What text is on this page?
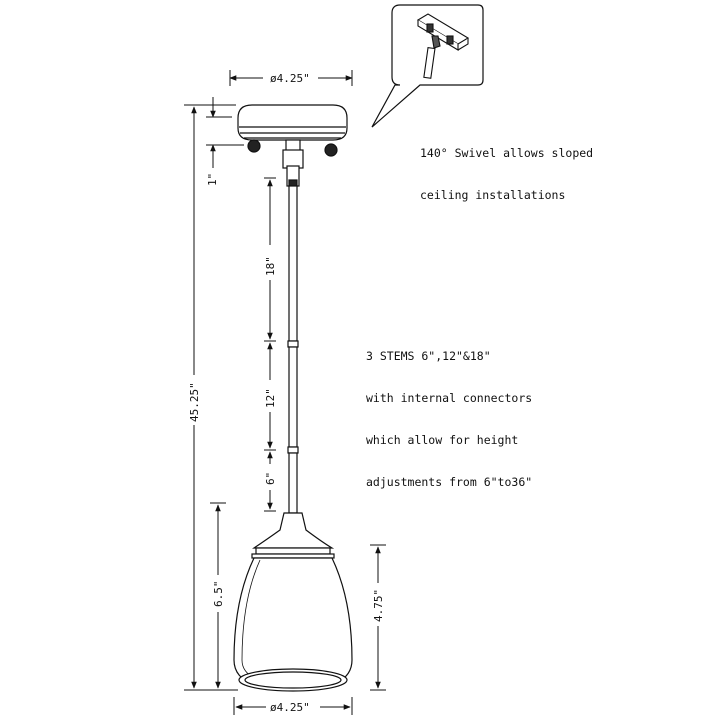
ø4.25"
1"
45.25"
18"
12"
6"
6.5"	4.75"
ø4.25"

140° Swivel allows sloped

ceiling installations

3 STEMS 6",12"&18"

with internal connectors

which allow for height

adjustments from 6"to36"
